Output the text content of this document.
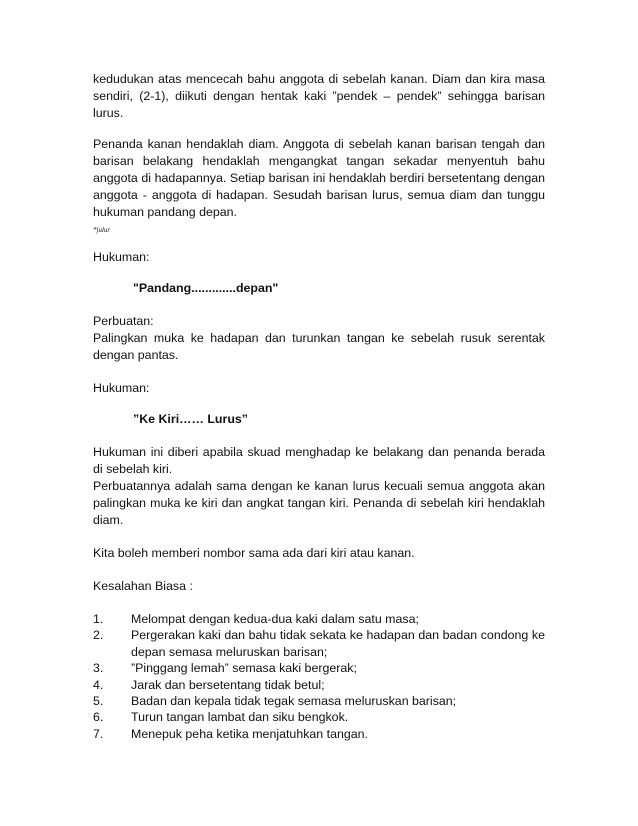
kedudukan atas mencecah bahu anggota di sebelah kanan. Diam dan kira masa sendiri, (2-1), diikuti dengan hentak kaki ”pendek – pendek” sehingga barisan lurus.

Penanda kanan hendaklah diam. Anggota di sebelah kanan barisan tengah dan barisan belakang hendaklah mengangkat tangan sekadar menyentuh bahu anggota di hadapannya. Setiap barisan ini hendaklah berdiri bersetentang dengan anggota - anggota di hadapan. Sesudah barisan lurus, semua diam dan tunggu hukuman pandang depan.

*julur

Hukuman:

"Pandang.............depan"

Perbuatan:

Palingkan muka ke hadapan dan turunkan tangan ke sebelah rusuk serentak dengan pantas.

Hukuman:

”Ke Kiri…… Lurus”

Hukuman ini diberi apabila skuad menghadap ke belakang dan penanda berada di sebelah kiri.

Perbuatannya adalah sama dengan ke kanan lurus kecuali semua anggota akan palingkan muka ke kiri dan angkat tangan kiri. Penanda di sebelah kiri hendaklah diam.

Kita boleh memberi nombor sama ada dari kiri atau kanan.

Kesalahan Biasa :

1.	Melompat dengan kedua-dua kaki dalam satu masa;
2.	Pergerakan kaki dan bahu tidak sekata ke hadapan dan badan condong ke depan semasa meluruskan barisan;
3.	”Pinggang lemah” semasa kaki bergerak;
4.	Jarak dan bersetentang tidak betul;
5.	Badan dan kepala tidak tegak semasa meluruskan barisan;
6.	Turun tangan lambat dan siku bengkok.
7.	Menepuk peha ketika menjatuhkan tangan.
